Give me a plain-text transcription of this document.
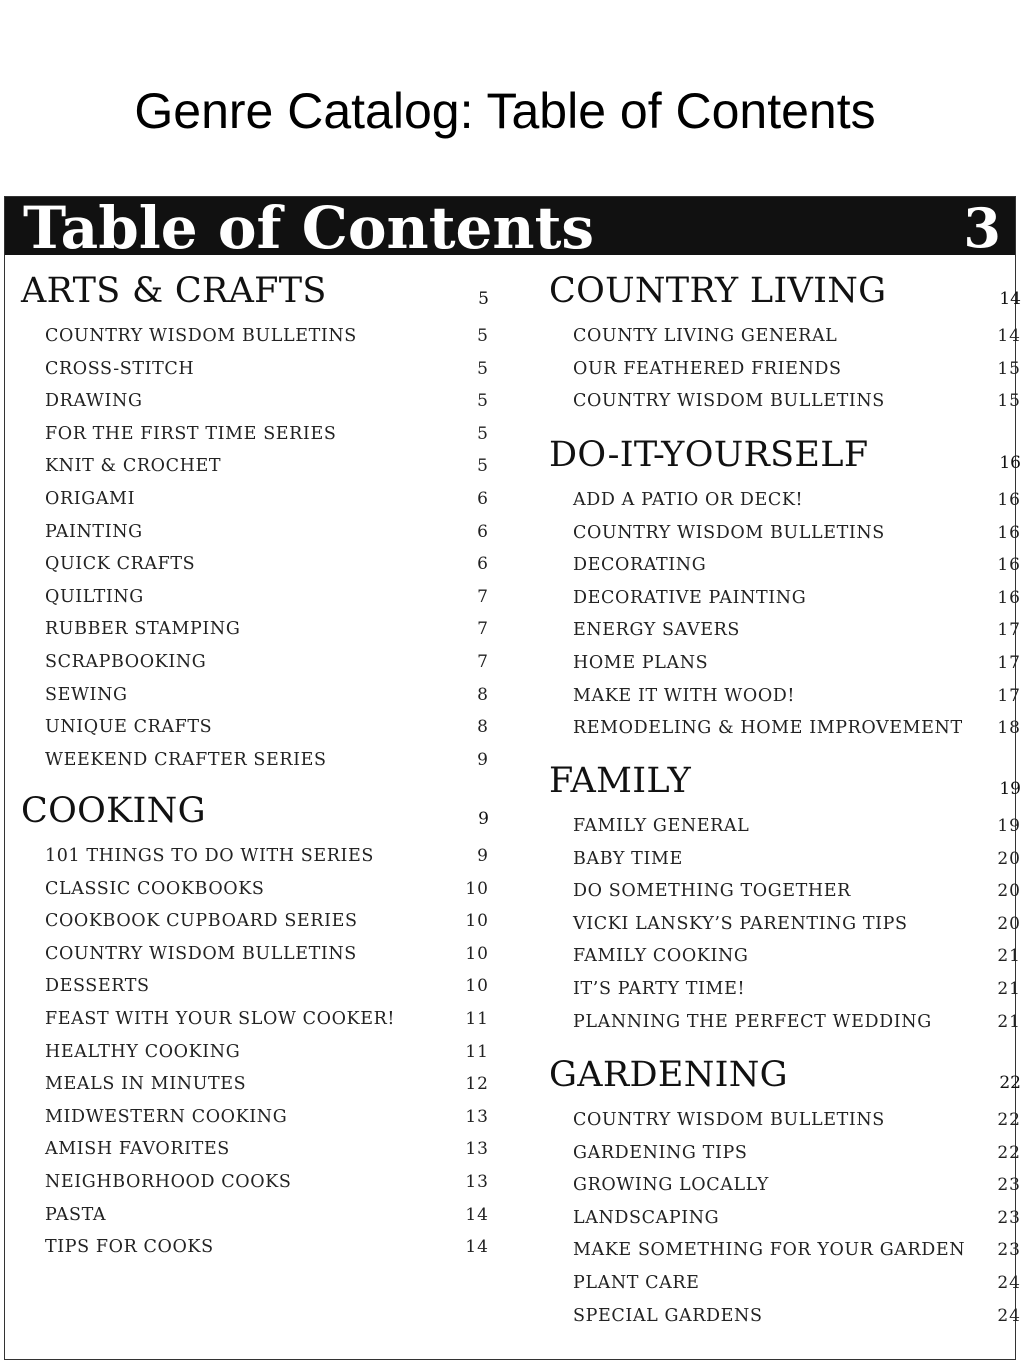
Genre Catalog: Table of Contents
Table of Contents	3
ARTS & CRAFTS	5
COUNTRY WISDOM BULLETINS	5
CROSS-STITCH	5
DRAWING	5
FOR THE FIRST TIME SERIES	5
KNIT & CROCHET	5
ORIGAMI	6
PAINTING	6
QUICK CRAFTS	6
QUILTING	7
RUBBER STAMPING	7
SCRAPBOOKING	7
SEWING	8
UNIQUE CRAFTS	8
WEEKEND CRAFTER SERIES	9
COOKING	9
101 THINGS TO DO WITH SERIES	9
CLASSIC COOKBOOKS	10
COOKBOOK CUPBOARD SERIES	10
COUNTRY WISDOM BULLETINS	10
DESSERTS	10
FEAST WITH YOUR SLOW COOKER!	11
HEALTHY COOKING	11
MEALS IN MINUTES	12
MIDWESTERN COOKING	13
AMISH FAVORITES	13
NEIGHBORHOOD COOKS	13
PASTA	14
TIPS FOR COOKS	14
COUNTRY LIVING	14
COUNTY LIVING GENERAL	14
OUR FEATHERED FRIENDS	15
COUNTRY WISDOM BULLETINS	15
DO-IT-YOURSELF	16
ADD A PATIO OR DECK!	16
COUNTRY WISDOM BULLETINS	16
DECORATING	16
DECORATIVE PAINTING	16
ENERGY SAVERS	17
HOME PLANS	17
MAKE IT WITH WOOD!	17
REMODELING & HOME IMPROVEMENT 18
FAMILY	19
FAMILY GENERAL	19
BABY TIME	20
DO SOMETHING TOGETHER	20
VICKI LANSKY’S PARENTING TIPS	20
FAMILY COOKING	21
IT’S PARTY TIME!	21
PLANNING THE PERFECT WEDDING	21
GARDENING	22
COUNTRY WISDOM BULLETINS	22
GARDENING TIPS	22
GROWING LOCALLY	23
LANDSCAPING	23
MAKE SOMETHING FOR YOUR GARDEN 23
PLANT CARE	24
SPECIAL GARDENS	24
